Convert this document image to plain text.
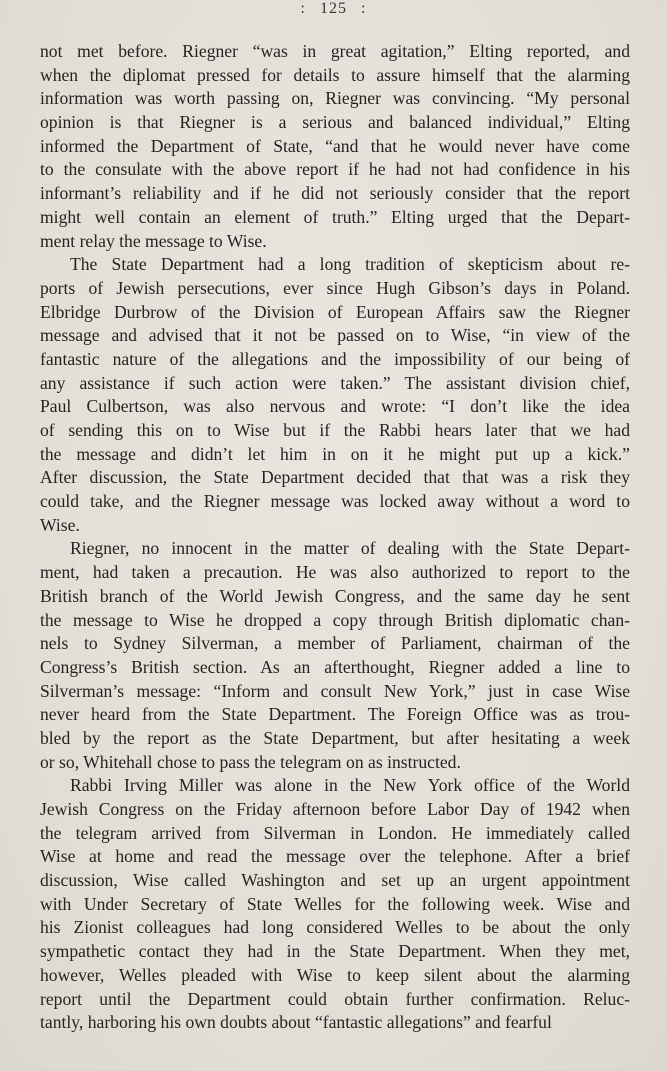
: 125 :
not met before. Riegner “was in great agitation,” Elting reported, and
when the diplomat pressed for details to assure himself that the alarming
information was worth passing on, Riegner was convincing. “My personal
opinion is that Riegner is a serious and balanced individual,” Elting
informed the Department of State, “and that he would never have come
to the consulate with the above report if he had not had confidence in his
informant’s reliability and if he did not seriously consider that the report
might well contain an element of truth.” Elting urged that the Depart-
ment relay the message to Wise.
The State Department had a long tradition of skepticism about re-
ports of Jewish persecutions, ever since Hugh Gibson’s days in Poland.
Elbridge Durbrow of the Division of European Affairs saw the Riegner
message and advised that it not be passed on to Wise, “in view of the
fantastic nature of the allegations and the impossibility of our being of
any assistance if such action were taken.” The assistant division chief,
Paul Culbertson, was also nervous and wrote: “I don’t like the idea
of sending this on to Wise but if the Rabbi hears later that we had
the message and didn’t let him in on it he might put up a kick.”
After discussion, the State Department decided that that was a risk they
could take, and the Riegner message was locked away without a word to
Wise.
Riegner, no innocent in the matter of dealing with the State Depart-
ment, had taken a precaution. He was also authorized to report to the
British branch of the World Jewish Congress, and the same day he sent
the message to Wise he dropped a copy through British diplomatic chan-
nels to Sydney Silverman, a member of Parliament, chairman of the
Congress’s British section. As an afterthought, Riegner added a line to
Silverman’s message: “Inform and consult New York,” just in case Wise
never heard from the State Department. The Foreign Office was as trou-
bled by the report as the State Department, but after hesitating a week
or so, Whitehall chose to pass the telegram on as instructed.
Rabbi Irving Miller was alone in the New York office of the World
Jewish Congress on the Friday afternoon before Labor Day of 1942 when
the telegram arrived from Silverman in London. He immediately called
Wise at home and read the message over the telephone. After a brief
discussion, Wise called Washington and set up an urgent appointment
with Under Secretary of State Welles for the following week. Wise and
his Zionist colleagues had long considered Welles to be about the only
sympathetic contact they had in the State Department. When they met,
however, Welles pleaded with Wise to keep silent about the alarming
report until the Department could obtain further confirmation. Reluc-
tantly, harboring his own doubts about “fantastic allegations” and fearful
